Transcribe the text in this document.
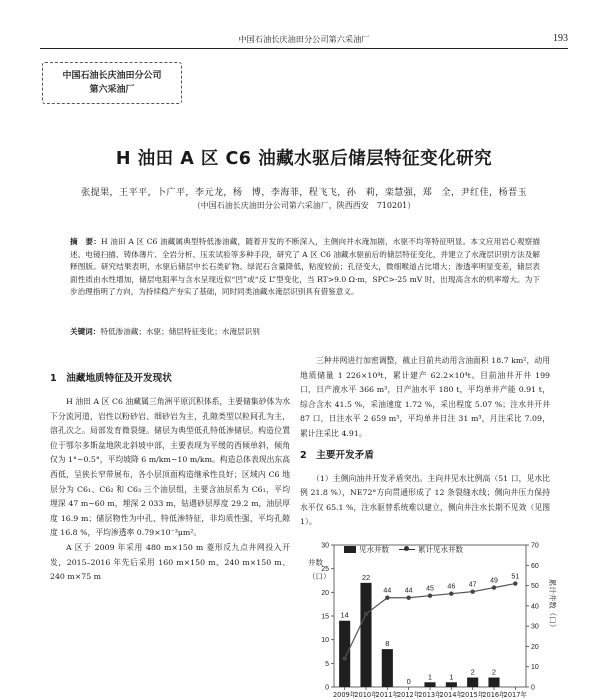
中国石油长庆油田分公司第六采油厂	193
中国石油长庆油田分公司
第六采油厂
H 油田 A 区 C6 油藏水驱后储层特征变化研究
张提果，王平平，卜广平，李元龙，杨　博，李海菲，程飞飞，孙　莉，栾慧强，郑　全，尹红佳，杨晋玉
（中国石油长庆油田分公司第六采油厂，陕西西安　710201）
摘　要：H 油田 A 区 C6 油藏属典型特低渗油藏，随着开发的不断深入，主侧向井水淹加剧，水驱不均等特征明显。本文应用岩心观察描述、电镜扫描、铸体薄片、全岩分析、压汞试验等多种手段，研究了 A 区 C6 油藏水驱前后的储层特征变化，并建立了水淹层识别方法及解释图版。研究结果表明，水驱后储层中长石类矿物、绿泥石含量降低，粘度较前；孔径变大，微细喉道占比增大；渗透率明显变差，储层表面性质由水性增加，储层电阻率与含水呈现近似“凹”或“反 L”型变化，当 RT>9.0 Ω·m，SPC>-25 mV 时，出现高含水的机率增大。为下步治理指明了方向，为持续稳产夯实了基础，同时同类油藏水淹层识别具有借鉴意义。
关键词：特低渗油藏；水驱；储层特征变化；水淹层识别
1　油藏地质特征及开发现状
H 油田 A 区 C6 油藏属三角洲平原沉积体系，主要储集砂体为水下分流河道，岩性以粉砂岩、细砂岩为主，孔隙类型以粒间孔为主，溶孔次之。局部发育微裂缝。储层为典型低孔特低渗储层。构造位置位于鄂尔多斯盆地陕北斜坡中部，主要表现为平缓的西倾单斜，倾角仅为 1°~0.5°，平均坡降 6 m/km~10 m/km。构造总体表现出东高西低，呈狭长窄带展布，各小层顶面构造继承性良好；区域内 C6 地层分为 C6₁、C6₂ 和 C6₃ 三个油层组，主要含油层系为 C6₁，平均埋深 47 m~60 m，埋深 2 033 m，钻遇砂层厚度 29.2 m，油层厚度 16.9 m；储层物性为中孔、特低渗特征，非均质性强，平均孔隙度 16.8 %，平均渗透率 0.79×10⁻³μm²。
A 区于 2009 年采用 480 m×150 m 菱形反九点井网投入开发，2015–2016 年先后采用 160 m×150 m、240 m×150 m、240 m×75 m
三种井网进行加密调整，截止目前共动用含油面积 18.7 km²，动用地质储量 1 226×10⁴t，累计建产 62.2×10⁴t。目前油井开井 199 口，日产液水平 366 m³，日产油水平 180 t，平均单井产能 0.91 t，综合含水 41.5 %，采油速度 1.72 %，采出程度 5.07 %；注水井开井 87 口，日注水平 2 659 m³，平均单井日注 31 m³，月注采比 7.09，累计注采比 4.91。
2　主要开发矛盾
（1）主侧向油井开发矛盾突出。主向井见水比例高（51 口，见水比例 21.8 %），NE72°方向贯通形成了 12 条裂缝水线；侧向井压力保持水平仅 65.1 %，注水驱替系统难以建立，侧向井注水长期不见效（见图 1）。
0
5
10
15
20
25
30
0
10
20
30
40
50
60
70
井数
（口）
累计井数（口）
14
22
8
0
1 1
2 2
36
44 44 45 46 47
49
51
2009年
2010年
2011年
2012年
2013年
2014年
2015年
2016年
2017年
见水井数	累计见水井数
